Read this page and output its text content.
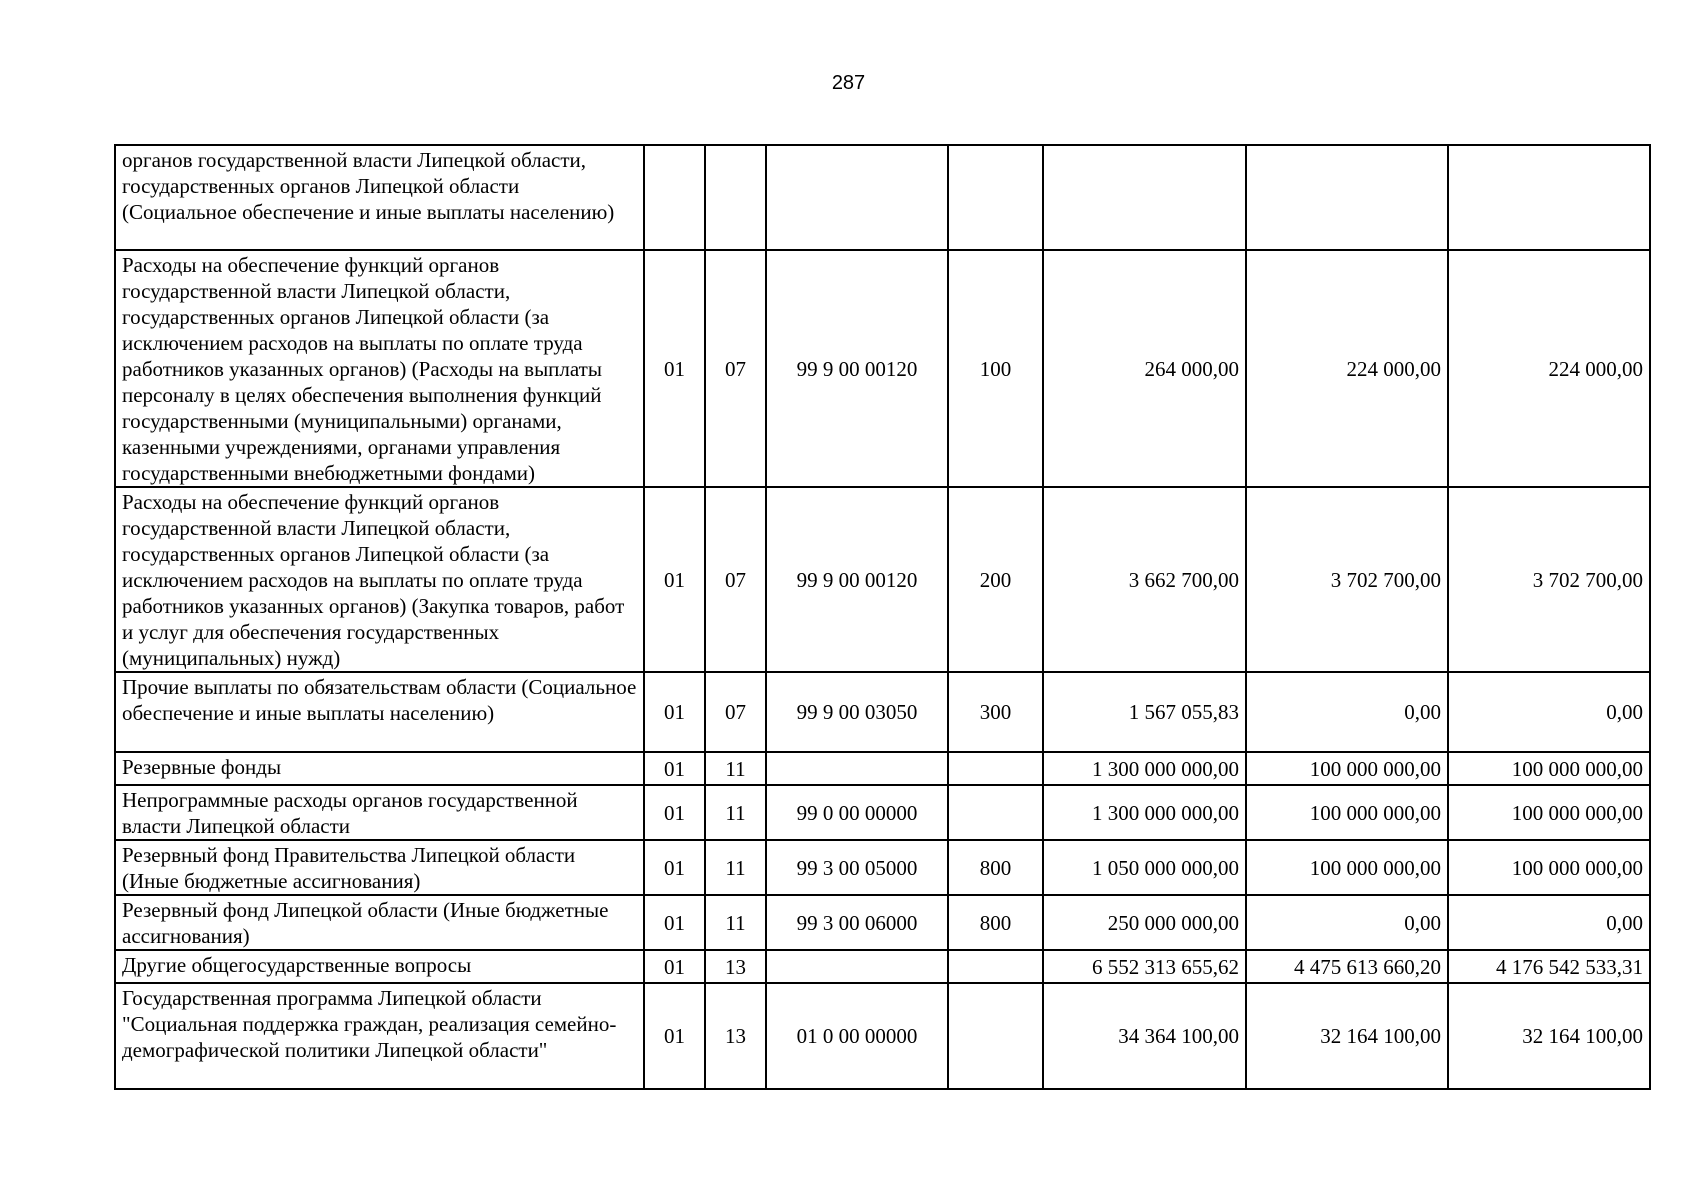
287
органов государственной власти Липецкой области, государственных органов Липецкой области (Социальное обеспечение и иные выплаты населению)							
Расходы на обеспечение функций органов государственной власти Липецкой области, государственных органов Липецкой области (за исключением расходов на выплаты по оплате труда работников указанных органов) (Расходы на выплаты персоналу в целях обеспечения выполнения функций государственными (муниципальными) органами, казенными учреждениями, органами управления государственными внебюджетными фондами)	01	07	99 9 00 00120	100	264 000,00	224 000,00	224 000,00
Расходы на обеспечение функций органов государственной власти Липецкой области, государственных органов Липецкой области (за исключением расходов на выплаты по оплате труда работников указанных органов) (Закупка товаров, работ и услуг для обеспечения государственных (муниципальных) нужд)	01	07	99 9 00 00120	200	3 662 700,00	3 702 700,00	3 702 700,00
Прочие выплаты по обязательствам области (Социальное обеспечение и иные выплаты населению)	01	07	99 9 00 03050	300	1 567 055,83	0,00	0,00
Резервные фонды	01	11			1 300 000 000,00	100 000 000,00	100 000 000,00
Непрограммные расходы органов государственной власти Липецкой области	01	11	99 0 00 00000		1 300 000 000,00	100 000 000,00	100 000 000,00
Резервный фонд Правительства Липецкой области (Иные бюджетные ассигнования)	01	11	99 3 00 05000	800	1 050 000 000,00	100 000 000,00	100 000 000,00
Резервный фонд Липецкой области (Иные бюджетные ассигнования)	01	11	99 3 00 06000	800	250 000 000,00	0,00	0,00
Другие общегосударственные вопросы	01	13			6 552 313 655,62	4 475 613 660,20	4 176 542 533,31
Государственная программа Липецкой области "Социальная поддержка граждан, реализация семейно-демографической политики Липецкой области"	01	13	01 0 00 00000		34 364 100,00	32 164 100,00	32 164 100,00
